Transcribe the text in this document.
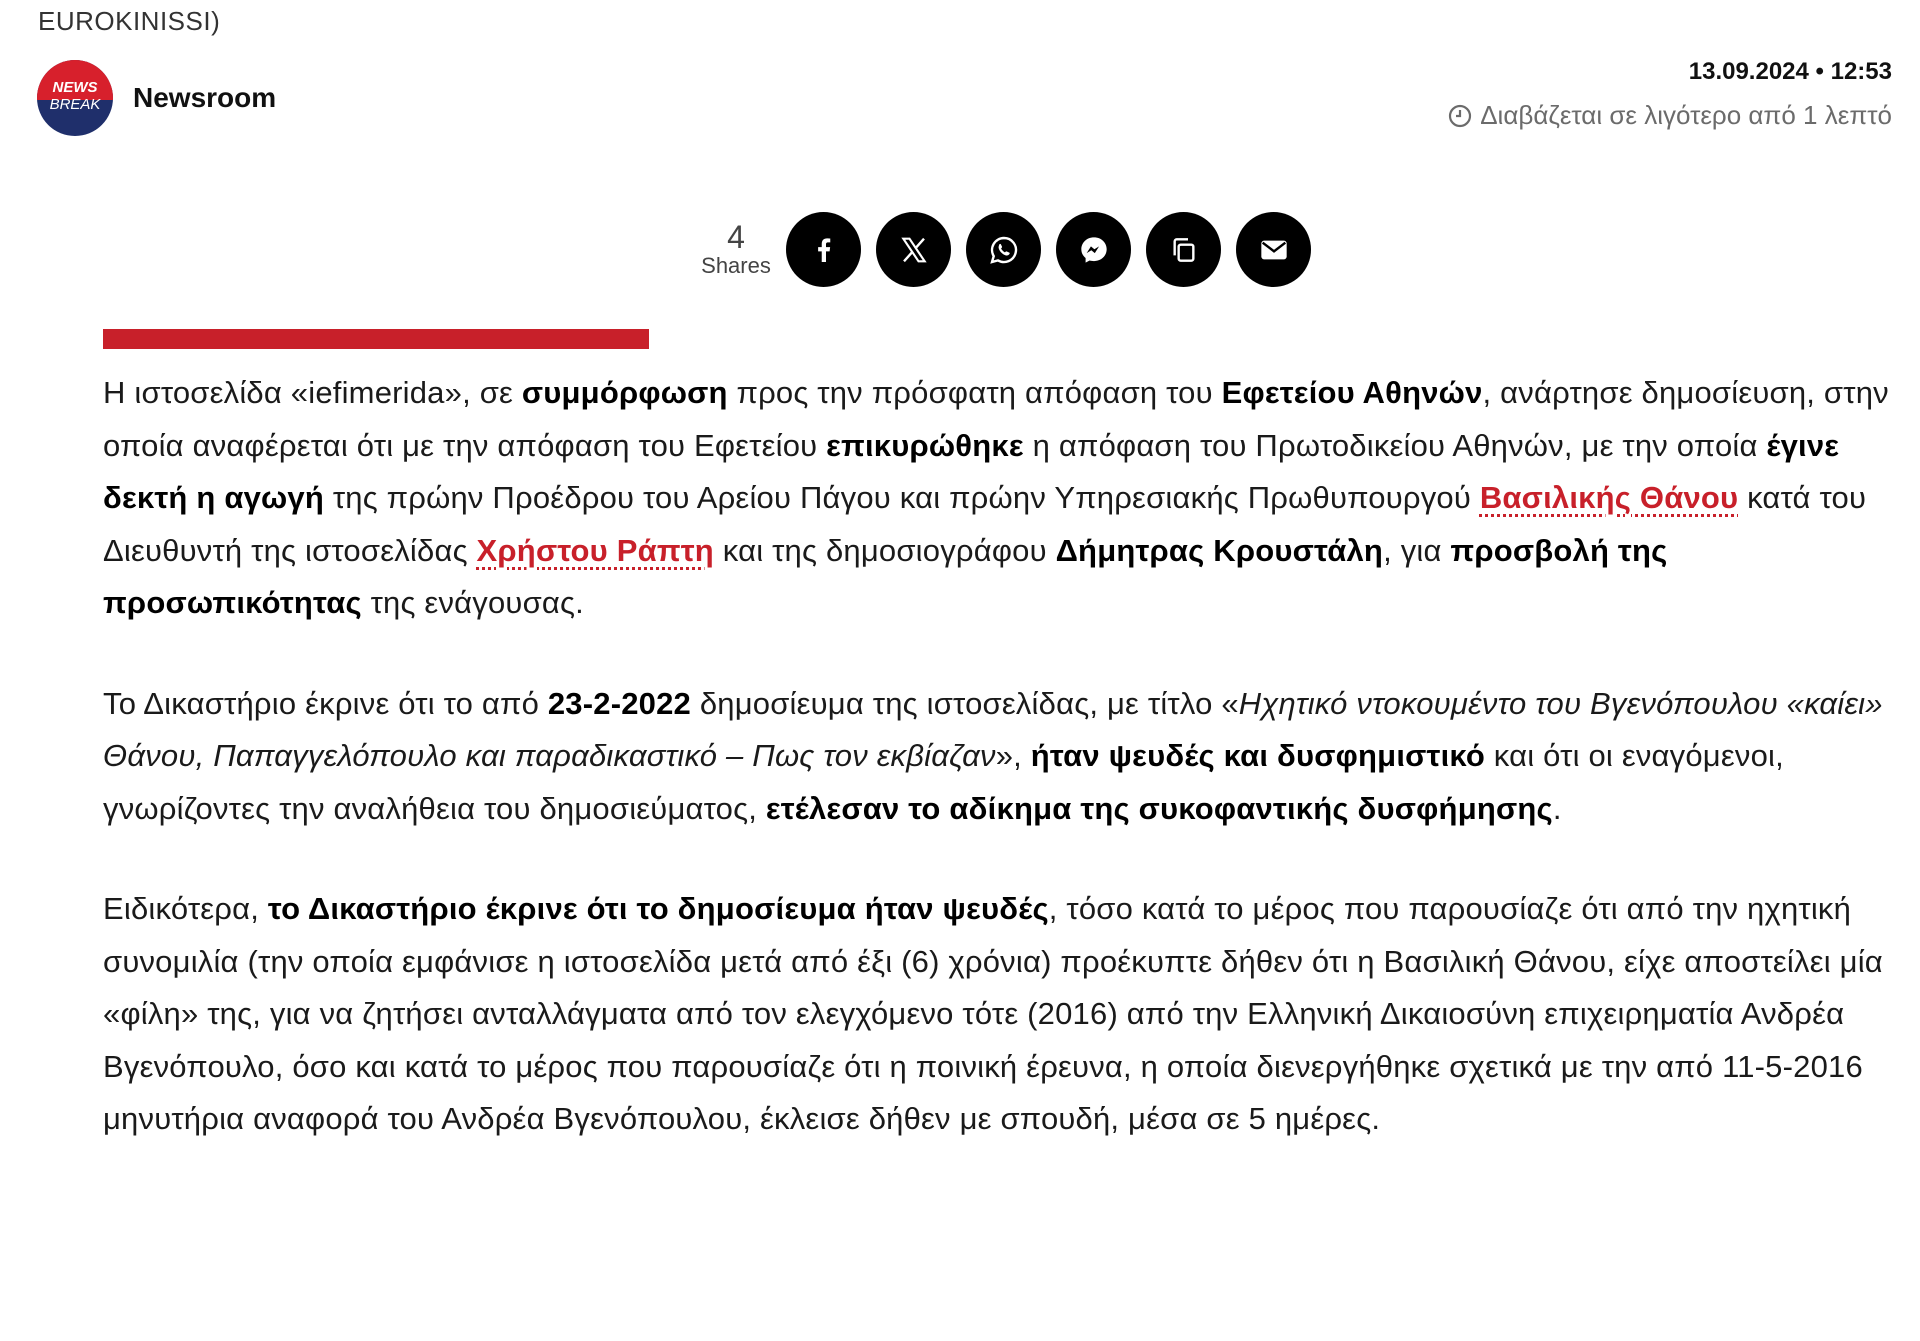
EUROKINISSI)
NEWS
BREAK	Newsroom
13.09.2024 • 12:53
Διαβάζεται σε λιγότερο από 1 λεπτό
4
Shares

Η ιστοσελίδα «iefimerida», σε συμμόρφωση προς την πρόσφατη απόφαση του Εφετείου Αθηνών, ανάρτησε δημοσίευση, στην οποία αναφέρεται ότι με την απόφαση του Εφετείου επικυρώθηκε η απόφαση του Πρωτοδικείου Αθηνών, με την οποία έγινε δεκτή η αγωγή της πρώην Προέδρου του Αρείου Πάγου και πρώην Υπηρεσιακής Πρωθυπουργού Βασιλικής Θάνου κατά του Διευθυντή της ιστοσελίδας Χρήστου Ράπτη και της δημοσιογράφου Δήμητρας Κρουστάλη, για προσβολή της προσωπικότητας της ενάγουσας.

Το Δικαστήριο έκρινε ότι το από 23-2-2022 δημοσίευμα της ιστοσελίδας, με τίτλο «Ηχητικό ντοκουμέντο του Βγενόπουλου «καίει» Θάνου, Παπαγγελόπουλο και παραδικαστικό – Πως τον εκβίαζαν», ήταν ψευδές και δυσφημιστικό και ότι οι εναγόμενοι, γνωρίζοντες την αναλήθεια του δημοσιεύματος, ετέλεσαν το αδίκημα της συκοφαντικής δυσφήμησης.

Ειδικότερα, το Δικαστήριο έκρινε ότι το δημοσίευμα ήταν ψευδές, τόσο κατά το μέρος που παρουσίαζε ότι από την ηχητική συνομιλία (την οποία εμφάνισε η ιστοσελίδα μετά από έξι (6) χρόνια) προέκυπτε δήθεν ότι η Βασιλική Θάνου, είχε αποστείλει μία «φίλη» της, για να ζητήσει ανταλλάγματα από τον ελεγχόμενο τότε (2016) από την Ελληνική Δικαιοσύνη επιχειρηματία Ανδρέα Βγενόπουλο, όσο και κατά το μέρος που παρουσίαζε ότι η ποινική έρευνα, η οποία διενεργήθηκε σχετικά με την από 11-5-2016 μηνυτήρια αναφορά του Ανδρέα Βγενόπουλου, έκλεισε δήθεν με σπουδή, μέσα σε 5 ημέρες.
